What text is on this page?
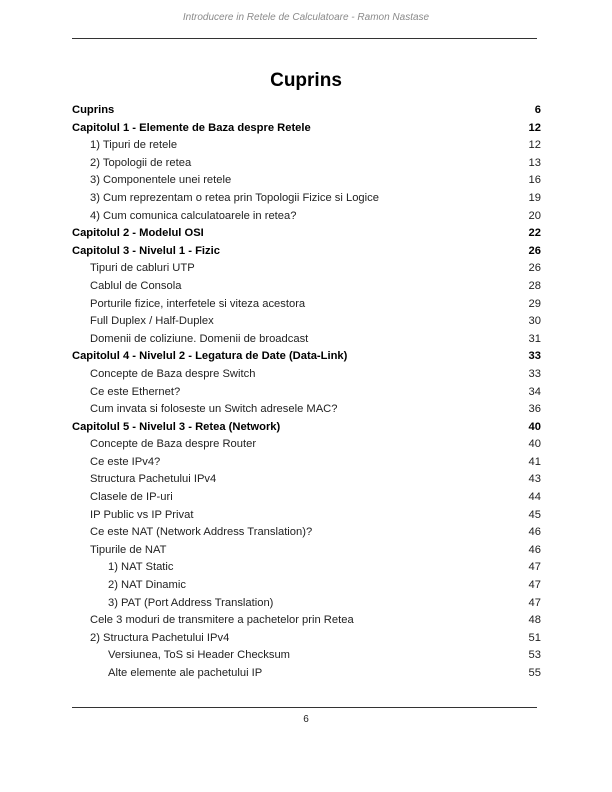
Introducere in Retele de Calculatoare - Ramon Nastase
Cuprins
Cuprins	6
Capitolul 1 - Elemente de Baza despre Retele	12
1) Tipuri de retele	12
2) Topologii de retea	13
3) Componentele unei retele	16
3) Cum reprezentam o retea prin Topologii Fizice si Logice	19
4) Cum comunica calculatoarele in retea?	20
Capitolul 2 - Modelul OSI	22
Capitolul 3 - Nivelul 1 - Fizic	26
Tipuri de cabluri UTP	26
Cablul de Consola	28
Porturile fizice, interfetele si viteza acestora	29
Full Duplex / Half-Duplex	30
Domenii de coliziune. Domenii de broadcast	31
Capitolul 4 - Nivelul 2 - Legatura de Date (Data-Link)	33
Concepte de Baza despre Switch	33
Ce este Ethernet?	34
Cum invata si foloseste un Switch adresele MAC?	36
Capitolul 5 - Nivelul 3 - Retea (Network)	40
Concepte de Baza despre Router	40
Ce este IPv4?	41
Structura Pachetului IPv4	43
Clasele de IP-uri	44
IP Public vs IP Privat	45
Ce este NAT (Network Address Translation)?	46
Tipurile de NAT	46
1) NAT Static	47
2) NAT Dinamic	47
3) PAT (Port Address Translation)	47
Cele 3 moduri de transmitere a pachetelor prin Retea	48
2) Structura Pachetului IPv4	51
Versiunea, ToS si Header Checksum	53
Alte elemente ale pachetului IP	55
6
